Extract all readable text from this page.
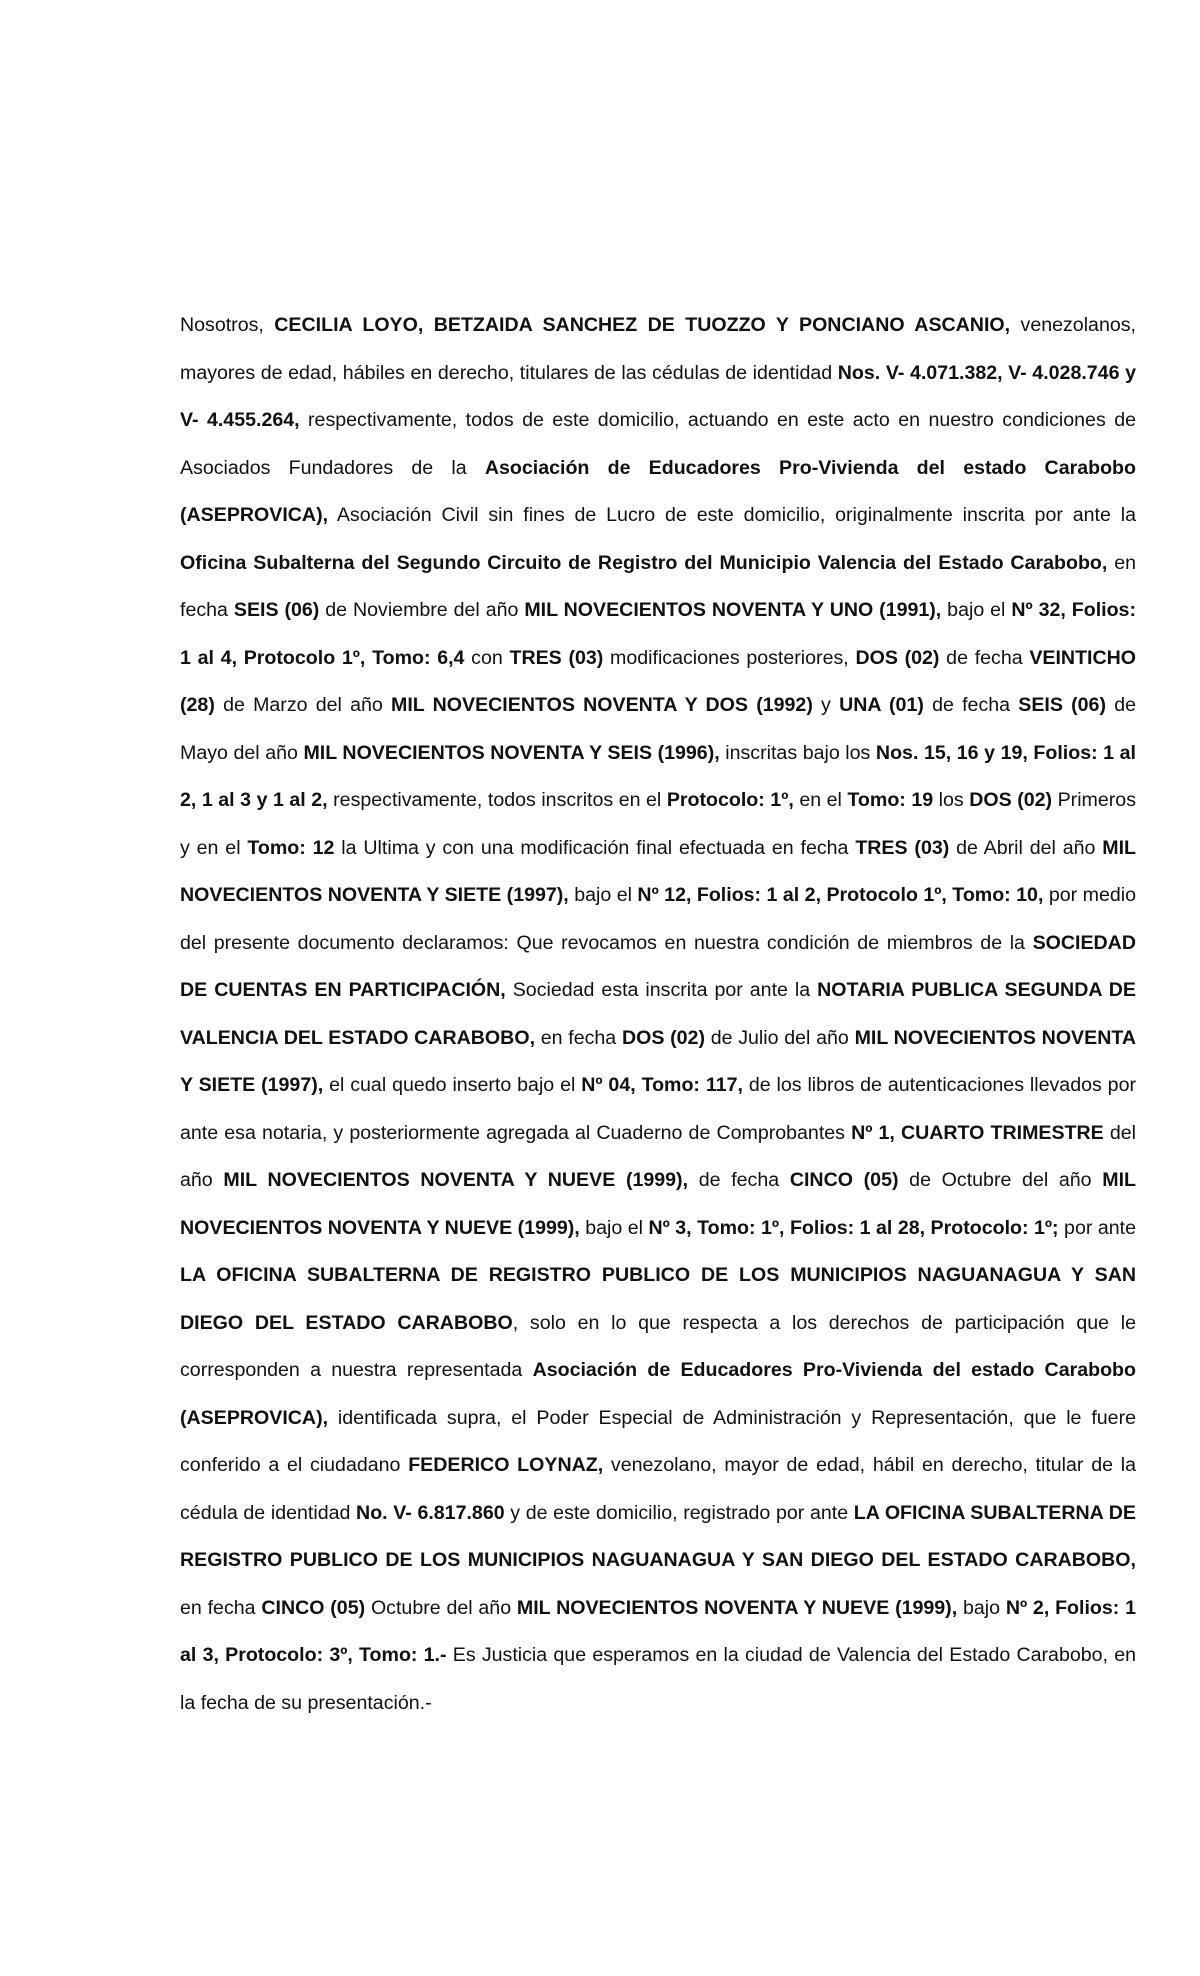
Nosotros, CECILIA LOYO, BETZAIDA SANCHEZ DE TUOZZO Y PONCIANO ASCANIO, venezolanos, mayores de edad, hábiles en derecho, titulares de las cédulas de identidad Nos. V- 4.071.382, V- 4.028.746 y V- 4.455.264, respectivamente, todos de este domicilio, actuando en este acto en nuestro condiciones de Asociados Fundadores de la Asociación de Educadores Pro-Vivienda del estado Carabobo (ASEPROVICA), Asociación Civil sin fines de Lucro de este domicilio, originalmente inscrita por ante la Oficina Subalterna del Segundo Circuito de Registro del Municipio Valencia del Estado Carabobo, en fecha SEIS (06) de Noviembre del año MIL NOVECIENTOS NOVENTA Y UNO (1991), bajo el Nº 32, Folios: 1 al 4, Protocolo 1º, Tomo: 6,4 con TRES (03) modificaciones posteriores, DOS (02) de fecha VEINTICHO (28) de Marzo del año MIL NOVECIENTOS NOVENTA Y DOS (1992) y UNA (01) de fecha SEIS (06) de Mayo del año MIL NOVECIENTOS NOVENTA Y SEIS (1996), inscritas bajo los Nos. 15, 16 y 19, Folios: 1 al 2, 1 al 3 y 1 al 2, respectivamente, todos inscritos en el Protocolo: 1º, en el Tomo: 19 los DOS (02) Primeros y en el Tomo: 12 la Ultima y con una modificación final efectuada en fecha TRES (03) de Abril del año MIL NOVECIENTOS NOVENTA Y SIETE (1997), bajo el Nº 12, Folios: 1 al 2, Protocolo 1º, Tomo: 10, por medio del presente documento declaramos: Que revocamos en nuestra condición de miembros de la SOCIEDAD DE CUENTAS EN PARTICIPACIÓN, Sociedad esta inscrita por ante la NOTARIA PUBLICA SEGUNDA DE VALENCIA DEL ESTADO CARABOBO, en fecha DOS (02) de Julio del año MIL NOVECIENTOS NOVENTA Y SIETE (1997), el cual quedo inserto bajo el Nº 04, Tomo: 117, de los libros de autenticaciones llevados por ante esa notaria, y posteriormente agregada al Cuaderno de Comprobantes Nº 1, CUARTO TRIMESTRE del año MIL NOVECIENTOS NOVENTA Y NUEVE (1999), de fecha CINCO (05) de Octubre del año MIL NOVECIENTOS NOVENTA Y NUEVE (1999), bajo el Nº 3, Tomo: 1º, Folios: 1 al 28, Protocolo: 1º; por ante LA OFICINA SUBALTERNA DE REGISTRO PUBLICO DE LOS MUNICIPIOS NAGUANAGUA Y SAN DIEGO DEL ESTADO CARABOBO, solo en lo que respecta a los derechos de participación que le corresponden a nuestra representada Asociación de Educadores Pro-Vivienda del estado Carabobo (ASEPROVICA), identificada supra, el Poder Especial de Administración y Representación, que le fuere conferido a el ciudadano FEDERICO LOYNAZ, venezolano, mayor de edad, hábil en derecho, titular de la cédula de identidad No. V- 6.817.860 y de este domicilio, registrado por ante LA OFICINA SUBALTERNA DE REGISTRO PUBLICO DE LOS MUNICIPIOS NAGUANAGUA Y SAN DIEGO DEL ESTADO CARABOBO, en fecha CINCO (05) Octubre del año MIL NOVECIENTOS NOVENTA Y NUEVE (1999), bajo Nº 2, Folios: 1 al 3, Protocolo: 3º, Tomo: 1.- Es Justicia que esperamos en la ciudad de Valencia del Estado Carabobo, en la fecha de su presentación.-
